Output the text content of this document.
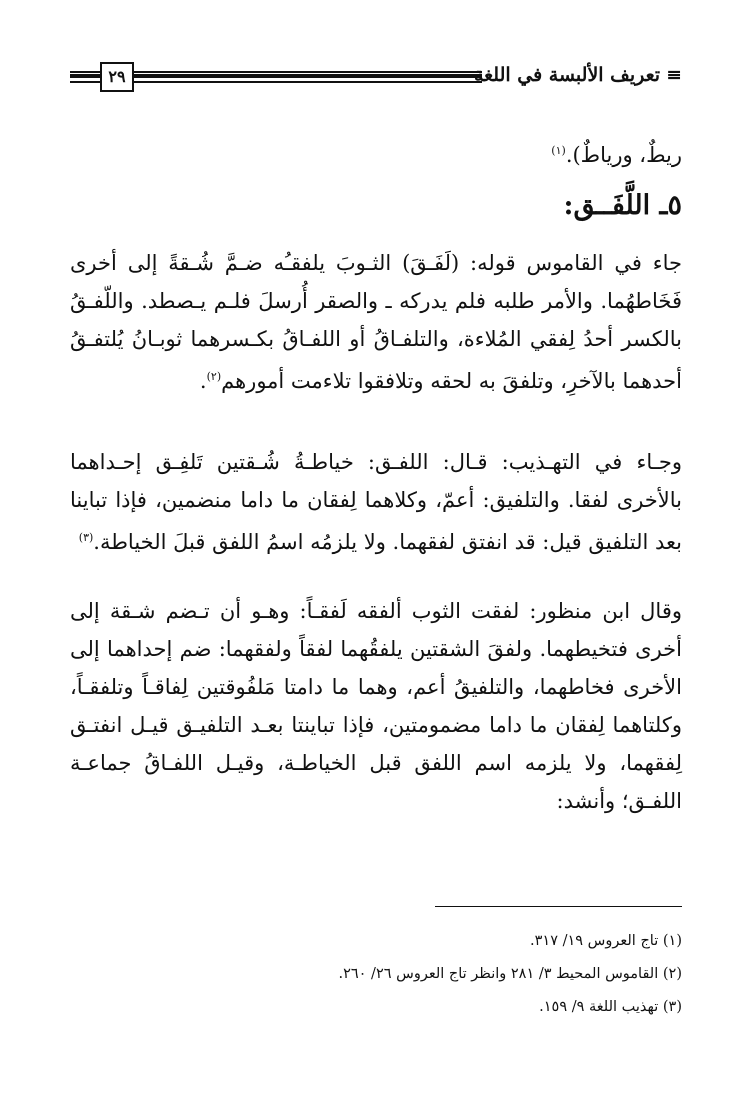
٢٩	≡تعريف الألبسة في اللغة
ريطٌ، ورياطٌ).$^{(١)}$
٥ـ اللَّفَــق:
جاء في القاموس قوله: (لَفَـقَ) الثـوبَ يلفقـُه ضـمَّ شُـقةً إلى أخرى فَخَاطهُما. والأمر طلبه فلم يدركه ـ والصقر أُرسلَ فلـم يـصطد. واللّفـقُ بالكسر أحدُ لِفقي المُلاءة، والتلفـاقُ أو اللفـاقُ بكـسرهما ثوبـانُ يُلتفـقُ أحدهما بالآخرِ، وتلفقَ به لحقه وتلافقوا تلاءمت أمورهم$^{(٢)}$.
وجـاء في التهـذيب: قـال: اللفـق: خياطـةُ شُـقتين تَلفِـق إحـداهما بالأخرى لفقا. والتلفيق: أعمّ، وكلاهما لِفقان ما داما منضمين، فإذا تباينا بعد التلفيق قيل: قد انفتق لفقهما. ولا يلزمُه اسمُ اللفق قبلَ الخياطة.$^{(٣)}$
وقال ابن منظور: لفقت الثوب ألفقه لَفقـاً: وهـو أن تـضم شـقة إلى أخرى فتخيطهما. ولفقَ الشقتين يلفقُهما لفقاً ولفقهما: ضم إحداهما إلى الأخرى فخاطهما، والتلفيقُ أعم، وهما ما دامتا مَلفُوقتين لِفاقـاً وتلفقـاً، وكلتاهما لِفقان ما داما مضمومتين، فإذا تباينتا بعـد التلفيـق قيـل انفتـق لِفقهما، ولا يلزمه اسم اللفق قبل الخياطـة، وقيـل اللفـاقُ جماعـة اللفـق؛ وأنشد:
(١) تاج العروس ١٩/ ٣١٧.
(٢) القاموس المحيط ٣/ ٢٨١ وانظر تاج العروس ٢٦/ ٢٦٠.
(٣) تهذيب اللغة ٩/ ١٥٩.
